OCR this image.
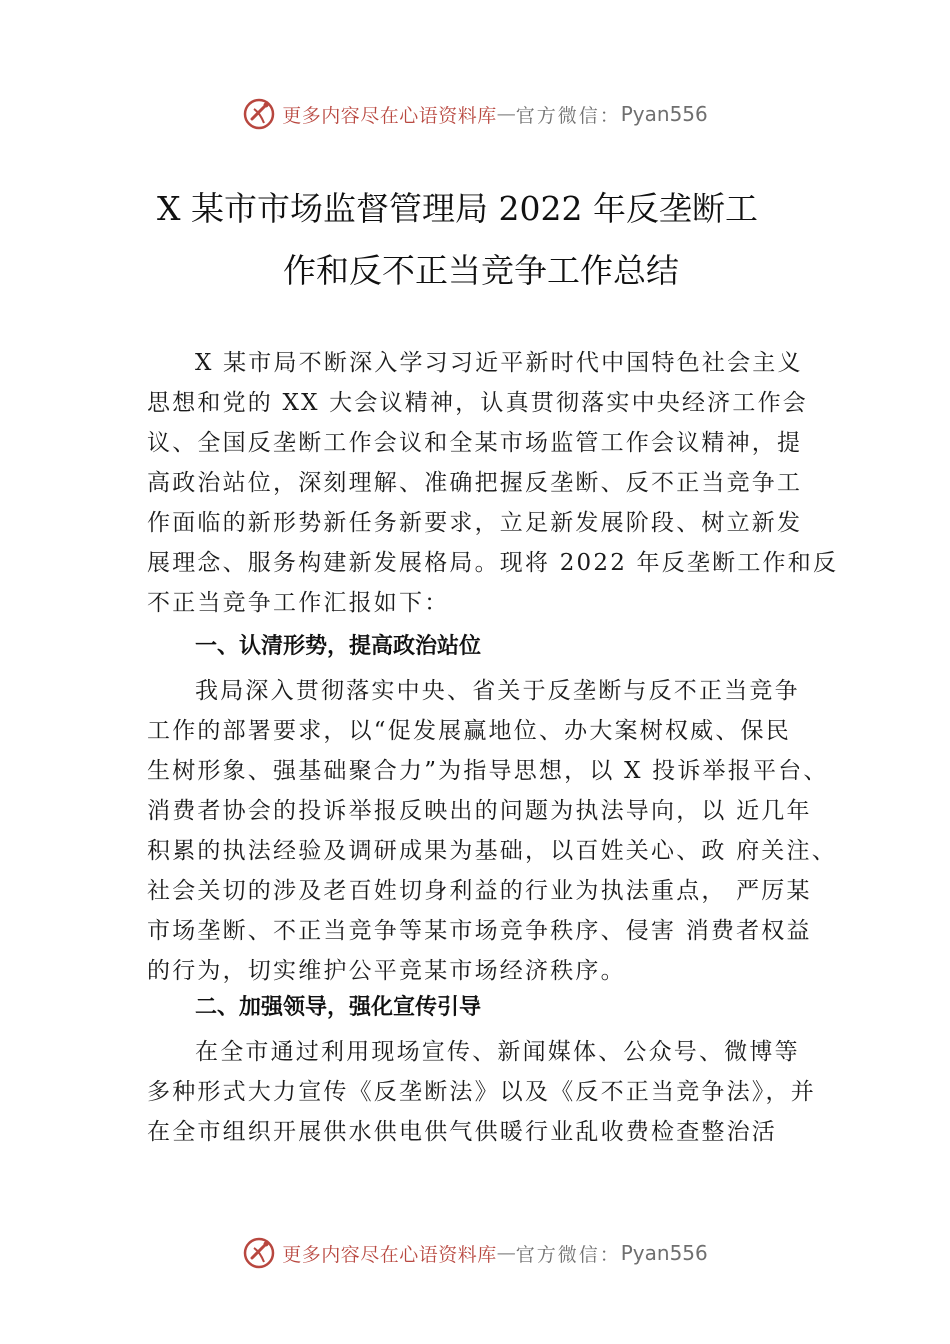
更多内容尽在心语资料库 — 官方微信： Pyan556
X 某市市场监督管理局 2022 年反垄断工
作和反不正当竞争工作总结
X 某市局不断深入学习习近平新时代中国特色社会主义
思想和党的 XX 大会议精神，认真贯彻落实中央经济工作会
议、全国反垄断工作会议和全某市场监管工作会议精神，提
高政治站位，深刻理解、准确把握反垄断、反不正当竞争工
作面临的新形势新任务新要求，立足新发展阶段、树立新发
展理念、服务构建新发展格局。现将 2022 年反垄断工作和反
不正当竞争工作汇报如下：
一、认清形势，提高政治站位
我局深入贯彻落实中央、省关于反垄断与反不正当竞争
工作的部署要求，以“促发展赢地位、办大案树权威、保民
生树形象、强基础聚合力”为指导思想，以 X 投诉举报平台、
消费者协会的投诉举报反映出的问题为执法导向，以 近几年
积累的执法经验及调研成果为基础，以百姓关心、政 府关注、
社会关切的涉及老百姓切身利益的行业为执法重点， 严厉某
市场垄断、不正当竞争等某市场竞争秩序、侵害 消费者权益
的行为，切实维护公平竞某市场经济秩序。
二、加强领导，强化宣传引导
在全市通过利用现场宣传、新闻媒体、公众号、微博等
多种形式大力宣传《反垄断法》以及《反不正当竞争法》，并
在全市组织开展供水供电供气供暖行业乱收费检查整治活
更多内容尽在心语资料库 — 官方微信： Pyan556
